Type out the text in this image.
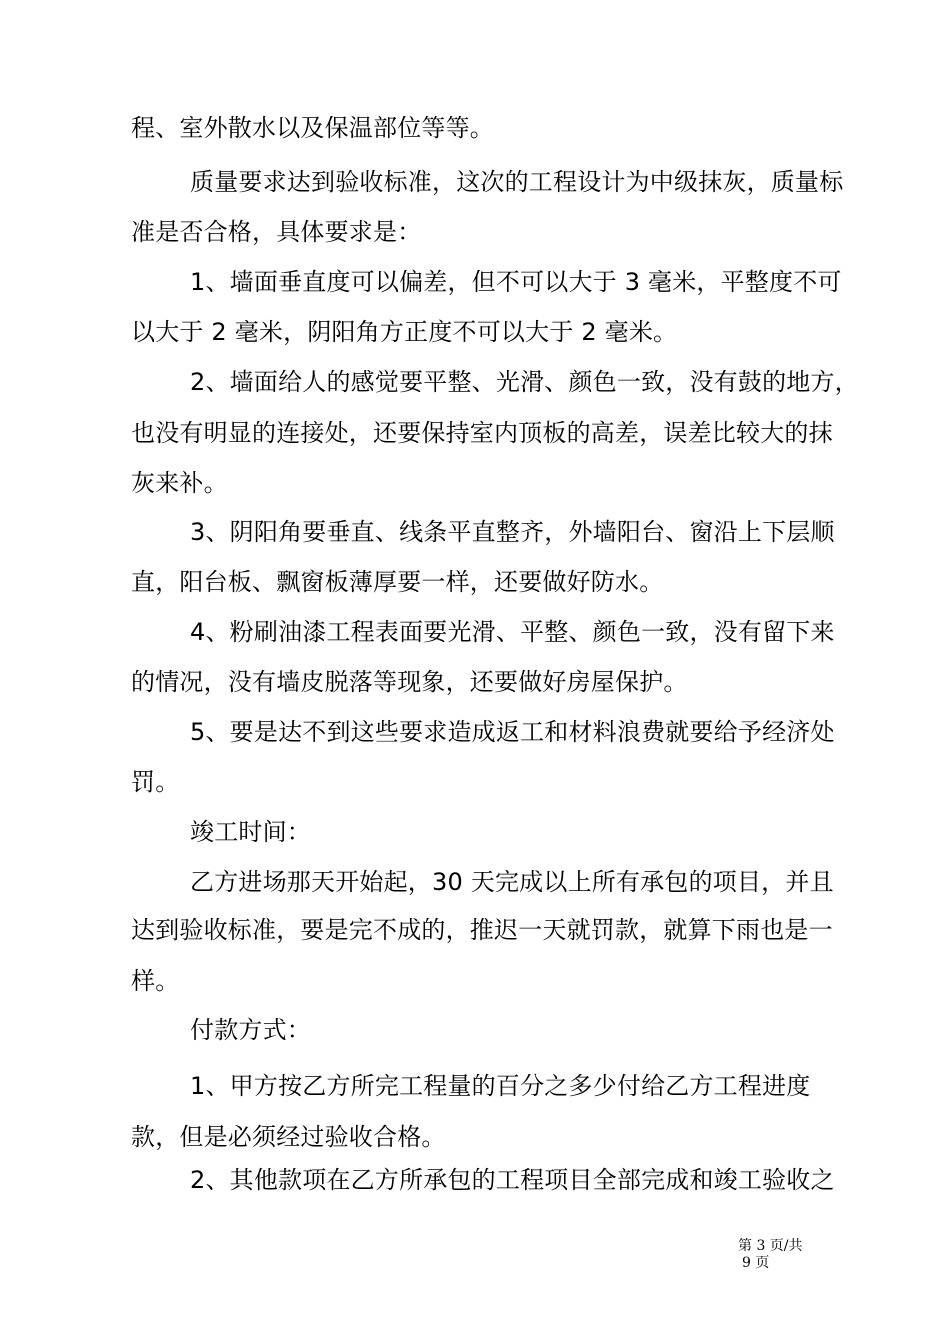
程、室外散水以及保温部位等等。
质量要求达到验收标准，这次的工程设计为中级抹灰，质量标
准是否合格，具体要求是：
1、墙面垂直度可以偏差，但不可以大于 3 毫米，平整度不可
以大于 2 毫米，阴阳角方正度不可以大于 2 毫米。
2、墙面给人的感觉要平整、光滑、颜色一致，没有鼓的地方，
也没有明显的连接处，还要保持室内顶板的高差，误差比较大的抹
灰来补。
3、阴阳角要垂直、线条平直整齐，外墙阳台、窗沿上下层顺
直，阳台板、飘窗板薄厚要一样，还要做好防水。
4、粉刷油漆工程表面要光滑、平整、颜色一致，没有留下来
的情况，没有墙皮脱落等现象，还要做好房屋保护。
5、要是达不到这些要求造成返工和材料浪费就要给予经济处
罚。
竣工时间：
乙方进场那天开始起，30 天完成以上所有承包的项目，并且
达到验收标准，要是完不成的，推迟一天就罚款，就算下雨也是一
样。
付款方式：
1、甲方按乙方所完工程量的百分之多少付给乙方工程进度
款，但是必须经过验收合格。
2、其他款项在乙方所承包的工程项目全部完成和竣工验收之
第 3 页/共
9 页
